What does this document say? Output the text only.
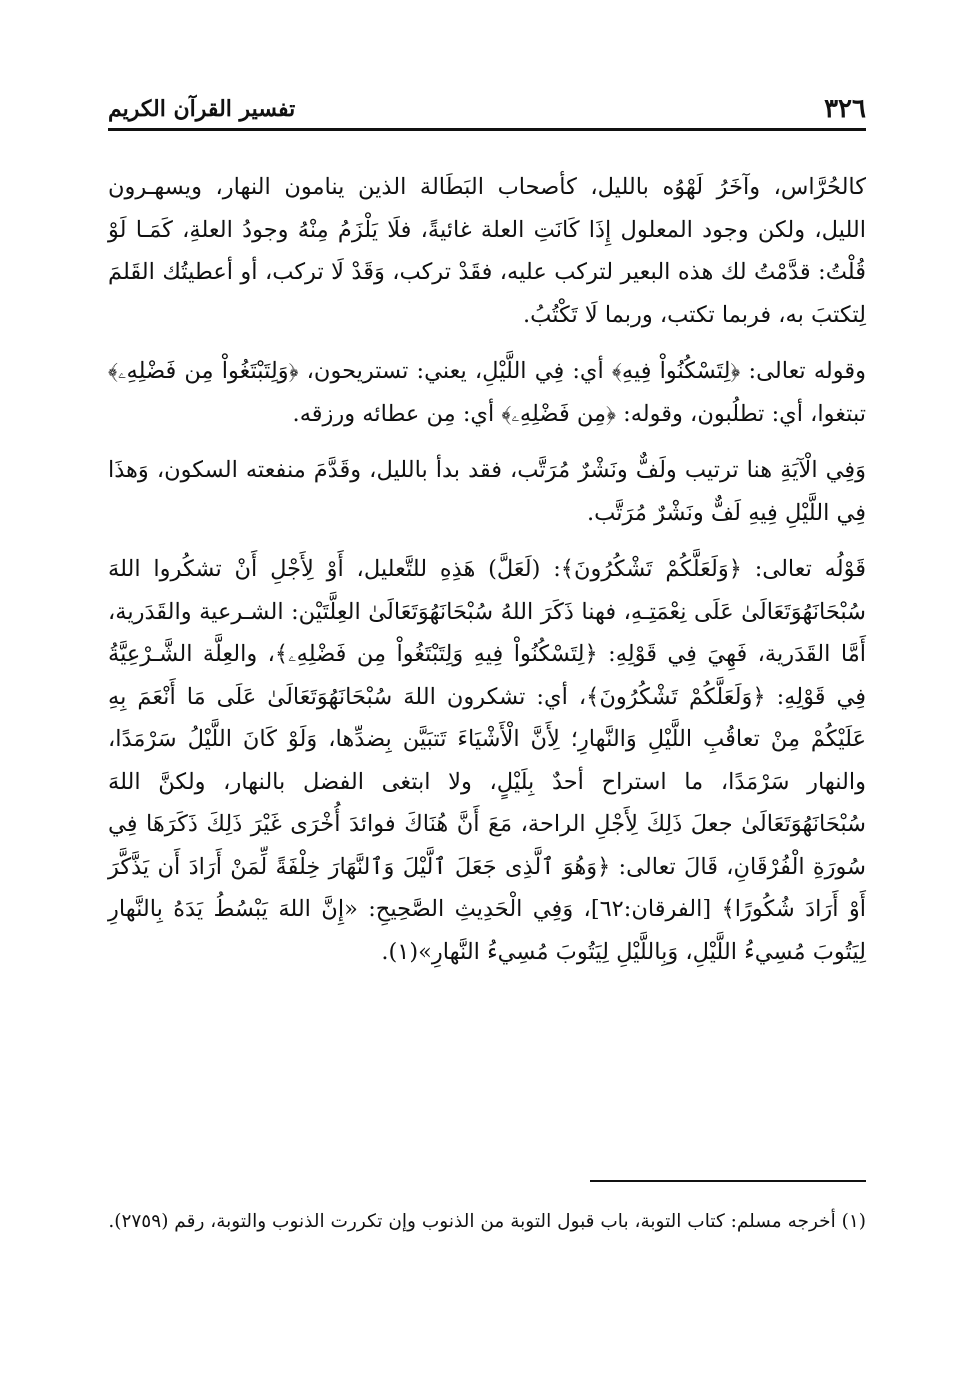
٣٢٦
تفسير القرآن الكريم

كالحُرَّاس، وآخَرُ لَهْوُه بالليل، كأصحاب البَطَالة الذين ينامون النهار، ويسهـرون الليل، ولكن وجود المعلول إِذَا كَانَتِ العلة غائيةً، فلَا يَلْزَمُ مِنْهُ وجودُ العلةِ، كَمَـا لَوْ قُلْتُ: قدَّمْتُ لك هذه البعير لتركب عليه، فقَدْ تركب، وَقَدْ لَا تركب، أو أعطيتُك القَلمَ لِتكتبَ به، فربما تكتب، وربما لَا تَكْتُبُ.

وقوله تعالى: ﴿لِتَسْكُنُواْ فِيهِ﴾ أي: فِي اللَّيْلِ، يعني: تستريحون، ﴿وَلِتَبْتَغُواْ مِن فَضْلِهِۦ﴾ تبتغوا، أي: تطلُبون، وقوله: ﴿مِن فَضْلِهِۦ﴾ أي: مِن عطائه ورزقه.

وَفِي الْآيَةِ هنا ترتيب ولَفٌّ ونَشْرٌ مُرَتَّب، فقد بدأ بالليل، وقَدَّمَ منفعته السكون، وَهذَا فِي اللَّيْلِ فِيهِ لَفٌّ ونَشْرٌ مُرَتَّب.

قَوْلُه تعالى: ﴿وَلَعَلَّكُمْ تَشْكُرُونَ﴾: (لَعَلَّ) هَذِهِ للتَّعليل، أَوْ لِأَجْلِ أَنْ تشكُروا اللهَ سُبْحَانَهُوَتَعَالَىٰ عَلَى نِعْمَتِـهِ، فهنا ذَكَرَ اللهُ سُبْحَانَهُوَتَعَالَىٰ العِلَّتَيْن: الشـرعية والقَدَرية، أَمَّا القَدَرية، فَهِيَ فِي قَوْلِهِ: ﴿لِتَسْكُنُواْ فِيهِ وَلِتَبْتَغُواْ مِن فَضْلِهِۦ﴾، والعِلَّة الشَّـرْعِيَّةُ فِي قَوْلِهِ: ﴿وَلَعَلَّكُمْ تَشْكُرُونَ﴾، أي: تشكرون اللهَ سُبْحَانَهُوَتَعَالَىٰ عَلَى مَا أَنْعَمَ بِهِ عَلَيْكُمْ مِنْ تعاقُبِ اللَّيْلِ وَالنَّهارِ؛ لِأَنَّ الْأَشْيَاءَ تَتبَيَّن بِضدِّها، وَلَوْ كَانَ اللَّيْلُ سَرْمَدًا، والنهار سَرْمَدًا، ما استراح أحدٌ بِلَيْلٍ، ولا ابتغى الفضل بالنهار، ولكنَّ اللهَ سُبْحَانَهُوَتَعَالَىٰ جعلَ ذَلِكَ لِأَجْلِ الراحة، مَعَ أَنَّ هُنَاكَ فوائدَ أُخْرَى غَيْرَ ذَلِكَ ذَكَرَهَا فِي سُورَةِ الْفُرْقَانِ، قَالَ تعالى: ﴿وَهُوَ ٱلَّذِى جَعَلَ ٱلَّيْلَ وَٱلنَّهَارَ خِلْفَةً لِّمَنْ أَرَادَ أَن يَذَّكَّرَ أَوْ أَرَادَ شُكُورًا﴾ [الفرقان:٦٢]، وَفِي الْحَدِيثِ الصَّحِيحِ: «إِنَّ اللهَ يَبْسُطُ يَدَهُ بِالنَّهارِ لِيَتُوبَ مُسِيءُ اللَّيْلِ، وَبِاللَّيْلِ لِيَتُوبَ مُسِيءُ النَّهارِ»(١).

(١) أخرجه مسلم: كتاب التوبة، باب قبول التوبة من الذنوب وإن تكررت الذنوب والتوبة، رقم (٢٧٥٩).
